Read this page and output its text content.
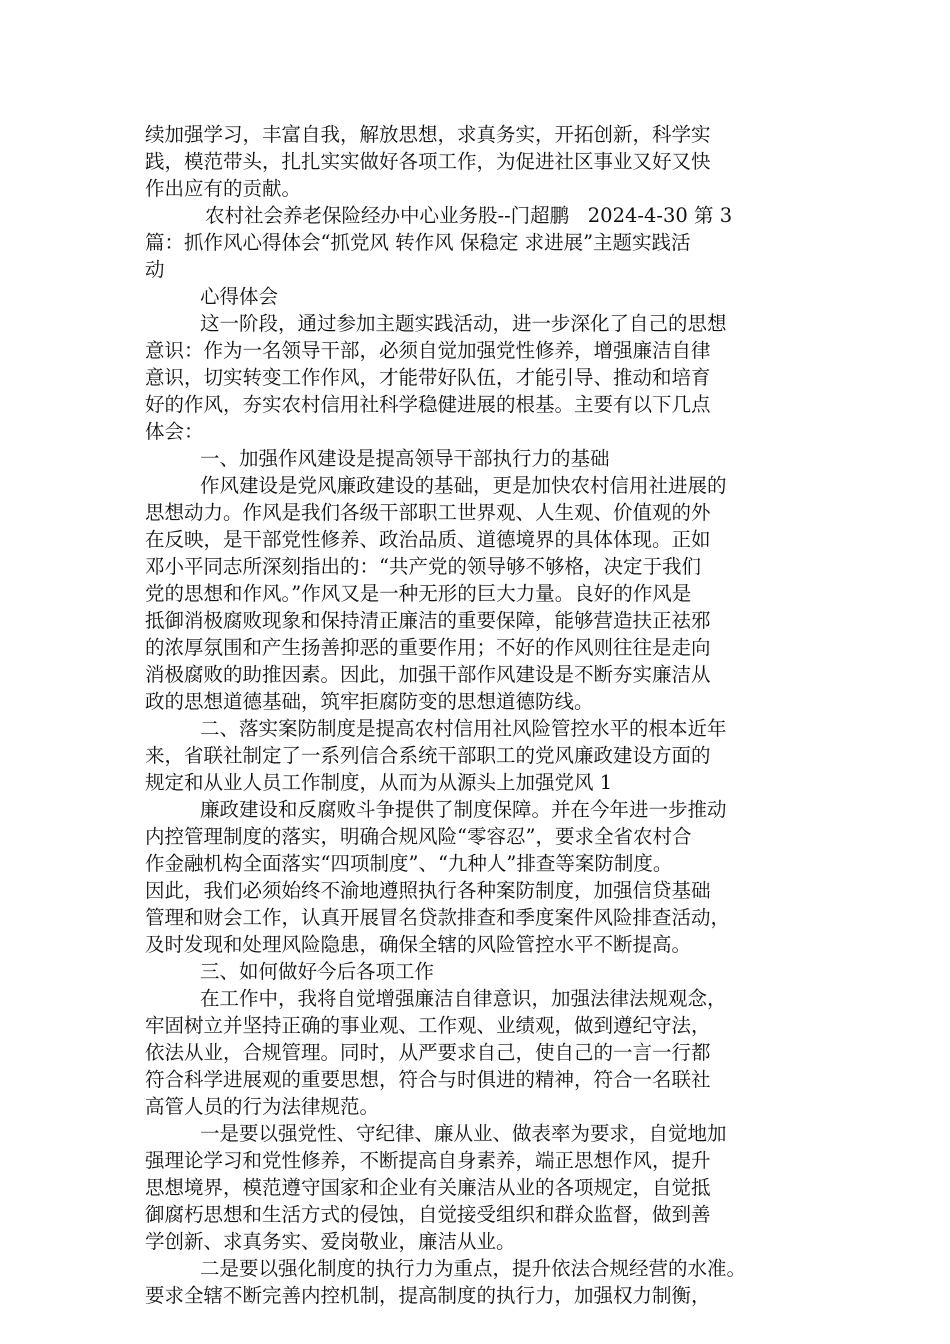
续加强学习，丰富自我，解放思想，求真务实，开拓创新，科学实
践，模范带头，扎扎实实做好各项工作，为促进社区事业又好又快
作出应有的贡献。
农村社会养老保险经办中心业务股--门超鹏   2024-4-30 第 3
篇：抓作风心得体会“抓党风 转作风 保稳定 求进展”主题实践活
动
心得体会
这一阶段，通过参加主题实践活动，进一步深化了自己的思想
意识：作为一名领导干部，必须自觉加强党性修养，增强廉洁自律
意识，切实转变工作作风，才能带好队伍，才能引导、推动和培育
好的作风，夯实农村信用社科学稳健进展的根基。主要有以下几点
体会：
一、加强作风建设是提高领导干部执行力的基础
作风建设是党风廉政建设的基础，更是加快农村信用社进展的
思想动力。作风是我们各级干部职工世界观、人生观、价值观的外
在反映，是干部党性修养、政治品质、道德境界的具体体现。正如
邓小平同志所深刻指出的：“共产党的领导够不够格，决定于我们
党的思想和作风。”作风又是一种无形的巨大力量。良好的作风是
抵御消极腐败现象和保持清正廉洁的重要保障，能够营造扶正祛邪
的浓厚氛围和产生扬善抑恶的重要作用；不好的作风则往往是走向
消极腐败的助推因素。因此，加强干部作风建设是不断夯实廉洁从
政的思想道德基础，筑牢拒腐防变的思想道德防线。
二、落实案防制度是提高农村信用社风险管控水平的根本近年
来，省联社制定了一系列信合系统干部职工的党风廉政建设方面的
规定和从业人员工作制度，从而为从源头上加强党风 1
廉政建设和反腐败斗争提供了制度保障。并在今年进一步推动
内控管理制度的落实，明确合规风险“零容忍”，要求全省农村合
作金融机构全面落实“四项制度”、“九种人”排查等案防制度。
因此，我们必须始终不渝地遵照执行各种案防制度，加强信贷基础
管理和财会工作，认真开展冒名贷款排查和季度案件风险排查活动，
及时发现和处理风险隐患，确保全辖的风险管控水平不断提高。
三、如何做好今后各项工作
在工作中，我将自觉增强廉洁自律意识，加强法律法规观念，
牢固树立并坚持正确的事业观、工作观、业绩观，做到遵纪守法，
依法从业，合规管理。同时，从严要求自己，使自己的一言一行都
符合科学进展观的重要思想，符合与时俱进的精神，符合一名联社
高管人员的行为法律规范。
一是要以强党性、守纪律、廉从业、做表率为要求，自觉地加
强理论学习和党性修养，不断提高自身素养，端正思想作风，提升
思想境界，模范遵守国家和企业有关廉洁从业的各项规定，自觉抵
御腐朽思想和生活方式的侵蚀，自觉接受组织和群众监督，做到善
学创新、求真务实、爱岗敬业，廉洁从业。
二是要以强化制度的执行力为重点，提升依法合规经营的水准。
要求全辖不断完善内控机制，提高制度的执行力，加强权力制衡，
